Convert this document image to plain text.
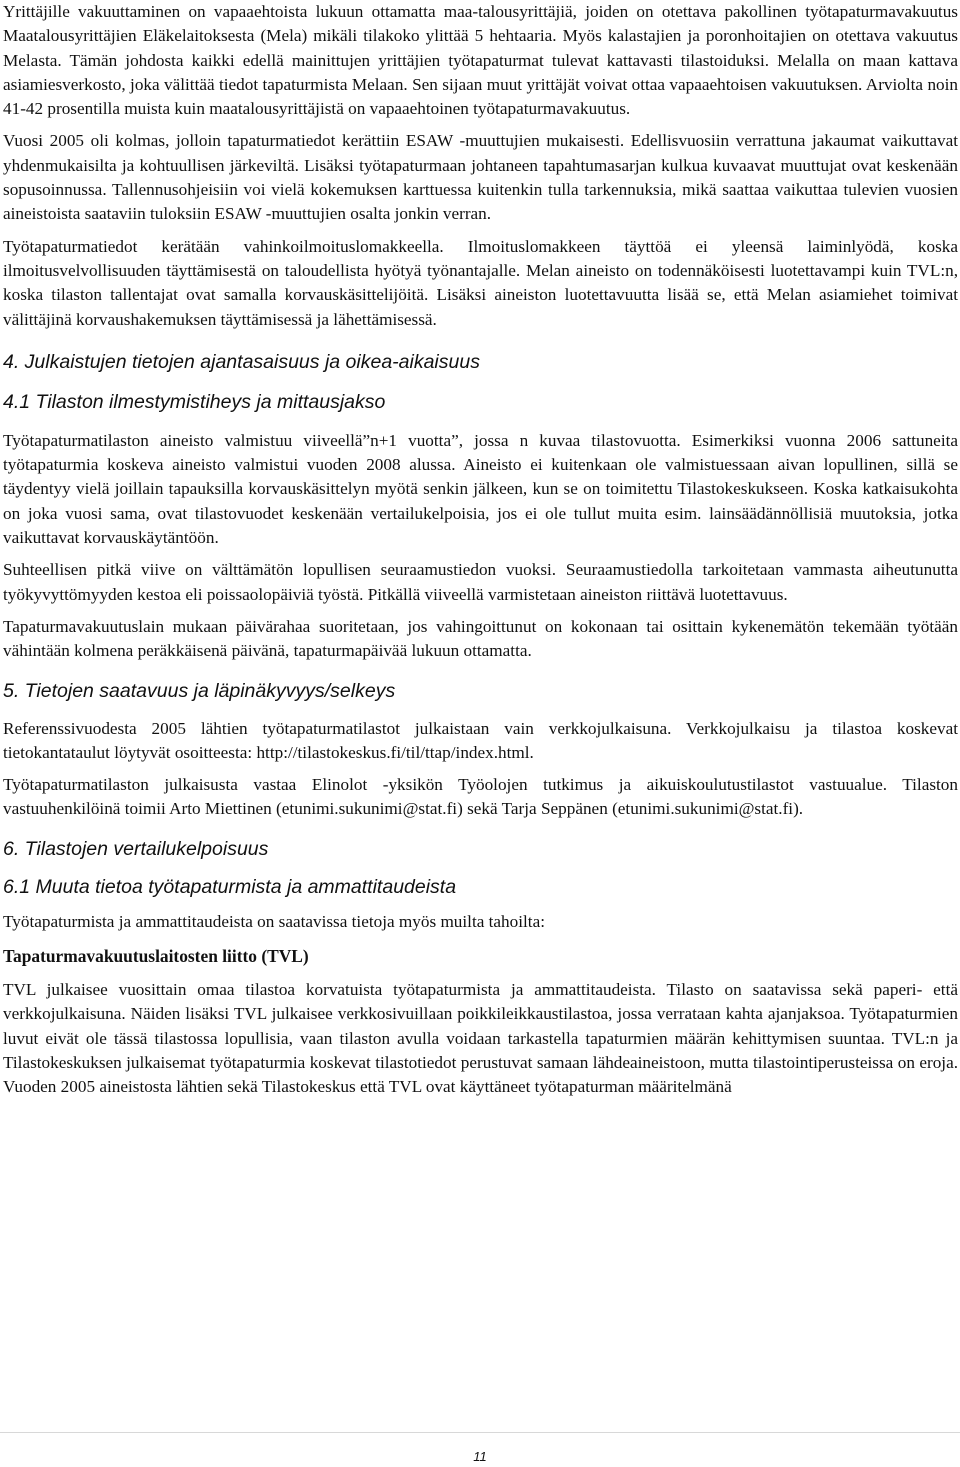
Yrittäjille vakuuttaminen on vapaaehtoista lukuun ottamatta maa-talousyrittäjiä, joiden on otettava pakollinen työtapaturmavakuutus Maatalousyrittäjien Eläkelaitoksesta (Mela) mikäli tilakoko ylittää 5 hehtaaria. Myös kalastajien ja poronhoitajien on otettava vakuutus Melasta. Tämän johdosta kaikki edellä mainittujen yrittäjien työtapaturmat tulevat kattavasti tilastoiduksi. Melalla on maan kattava asiamiesverkosto, joka välittää tiedot tapaturmista Melaan. Sen sijaan muut yrittäjät voivat ottaa vapaaehtoisen vakuutuksen. Arviolta noin 41-42 prosentilla muista kuin maatalousyrittäjistä on vapaaehtoinen työtapaturmavakuutus.

Vuosi 2005 oli kolmas, jolloin tapaturmatiedot kerättiin ESAW -muuttujien mukaisesti. Edellisvuosiin verrattuna jakaumat vaikuttavat yhdenmukaisilta ja kohtuullisen järkeviltä. Lisäksi työtapaturmaan johtaneen tapahtumasarjan kulkua kuvaavat muuttujat ovat keskenään sopusoinnussa. Tallennusohjeisiin voi vielä kokemuksen karttuessa kuitenkin tulla tarkennuksia, mikä saattaa vaikuttaa tulevien vuosien aineistoista saataviin tuloksiin ESAW -muuttujien osalta jonkin verran.

Työtapaturmatiedot kerätään vahinkoilmoituslomakkeella. Ilmoituslomakkeen täyttöä ei yleensä laiminlyödä, koska ilmoitusvelvollisuuden täyttämisestä on taloudellista hyötyä työnantajalle. Melan aineisto on todennäköisesti luotettavampi kuin TVL:n, koska tilaston tallentajat ovat samalla korvauskäsittelijöitä. Lisäksi aineiston luotettavuutta lisää se, että Melan asiamiehet toimivat välittäjinä korvaushakemuksen täyttämisessä ja lähettämisessä.

4. Julkaistujen tietojen ajantasaisuus ja oikea-aikaisuus
4.1 Tilaston ilmestymistiheys ja mittausjakso

Työtapaturmatilaston aineisto valmistuu viiveellä”n+1 vuotta”, jossa n kuvaa tilastovuotta. Esimerkiksi vuonna 2006 sattuneita työtapaturmia koskeva aineisto valmistui vuoden 2008 alussa. Aineisto ei kuitenkaan ole valmistuessaan aivan lopullinen, sillä se täydentyy vielä joillain tapauksilla korvauskäsittelyn myötä senkin jälkeen, kun se on toimitettu Tilastokeskukseen. Koska katkaisukohta on joka vuosi sama, ovat tilastovuodet keskenään vertailukelpoisia, jos ei ole tullut muita esim. lainsäädännöllisiä muutoksia, jotka vaikuttavat korvauskäytäntöön.

Suhteellisen pitkä viive on välttämätön lopullisen seuraamustiedon vuoksi. Seuraamustiedolla tarkoitetaan vammasta aiheutunutta työkyvyttömyyden kestoa eli poissaolopäiviä työstä. Pitkällä viiveellä varmistetaan aineiston riittävä luotettavuus.

Tapaturmavakuutuslain mukaan päivärahaa suoritetaan, jos vahingoittunut on kokonaan tai osittain kykenemätön tekemään työtään vähintään kolmena peräkkäisenä päivänä, tapaturmapäivää lukuun ottamatta.

5. Tietojen saatavuus ja läpinäkyvyys/selkeys

Referenssivuodesta 2005 lähtien työtapaturmatilastot julkaistaan vain verkkojulkaisuna. Verkkojulkaisu ja tilastoa koskevat tietokantataulut löytyvät osoitteesta: http://tilastokeskus.fi/til/ttap/index.html.

Työtapaturmatilaston julkaisusta vastaa Elinolot -yksikön Työolojen tutkimus ja aikuiskoulutustilastot vastuualue. Tilaston vastuuhenkilöinä toimii Arto Miettinen (etunimi.sukunimi@stat.fi) sekä Tarja Seppänen (etunimi.sukunimi@stat.fi).

6. Tilastojen vertailukelpoisuus
6.1 Muuta tietoa työtapaturmista ja ammattitaudeista

Työtapaturmista ja ammattitaudeista on saatavissa tietoja myös muilta tahoilta:

Tapaturmavakuutuslaitosten liitto (TVL)

TVL julkaisee vuosittain omaa tilastoa korvatuista työtapaturmista ja ammattitaudeista. Tilasto on saatavissa sekä paperi- että verkkojulkaisuna. Näiden lisäksi TVL julkaisee verkkosivuillaan poikkileikkaustilastoa, jossa verrataan kahta ajanjaksoa. Työtapaturmien luvut eivät ole tässä tilastossa lopullisia, vaan tilaston avulla voidaan tarkastella tapaturmien määrän kehittymisen suuntaa. TVL:n ja Tilastokeskuksen julkaisemat työtapaturmia koskevat tilastotiedot perustuvat samaan lähdeaineistoon, mutta tilastointiperusteissa on eroja. Vuoden 2005 aineistosta lähtien sekä Tilastokeskus että TVL ovat käyttäneet työtapaturman määritelmänä

11
